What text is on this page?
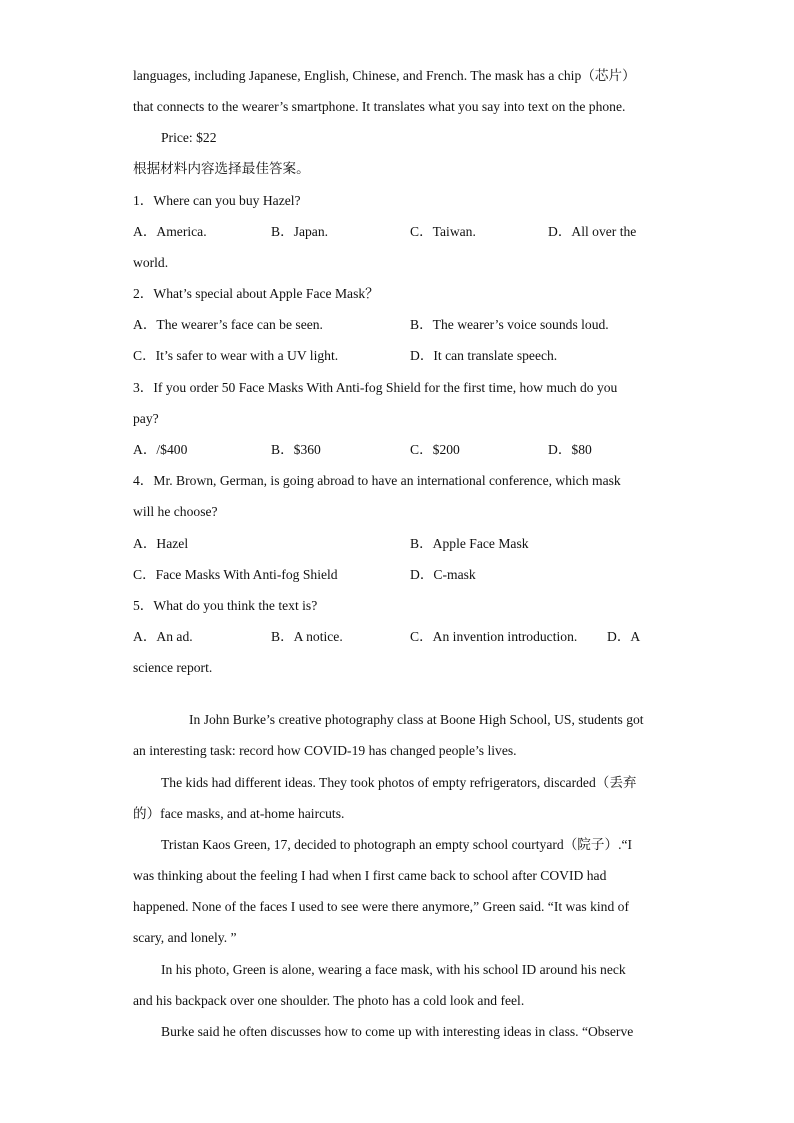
languages, including Japanese, English, Chinese, and French. The mask has a chip（芯片）
that connects to the wearer’s smartphone. It translates what you say into text on the phone.
Price: $22
根据材料内容选择最佳答案。
1．Where can you buy Hazel?
A．America.	B．Japan.	C．Taiwan.	D．All over the
world.
2．What’s special about Apple Face Mask？
A．The wearer’s face can be seen.	B．The wearer’s voice sounds loud.
C．It’s safer to wear with a UV light.	D．It can translate speech.
3．If you order 50 Face Masks With Anti-fog Shield for the first time, how much do you
pay?
A．/$400	B．$360	C．$200	D．$80
4．Mr. Brown, German, is going abroad to have an international conference, which mask
will he choose?
A．Hazel	B．Apple Face Mask
C．Face Masks With Anti-fog Shield	D．C-mask
5．What do you think the text is?
A．An ad.	B．A notice.	C．An invention introduction. D．A
science report.
In John Burke’s creative photography class at Boone High School, US, students got
an interesting task: record how COVID-19 has changed people’s lives.
The kids had different ideas. They took photos of empty refrigerators, discarded（丢弃
的）face masks, and at-home haircuts.
Tristan Kaos Green, 17, decided to photograph an empty school courtyard（院子）.“I
was thinking about the feeling I had when I first came back to school after COVID had
happened. None of the faces I used to see were there anymore,” Green said. “It was kind of
scary, and lonely. ”
In his photo, Green is alone, wearing a face mask, with his school ID around his neck
and his backpack over one shoulder. The photo has a cold look and feel.
Burke said he often discusses how to come up with interesting ideas in class. “Observe
